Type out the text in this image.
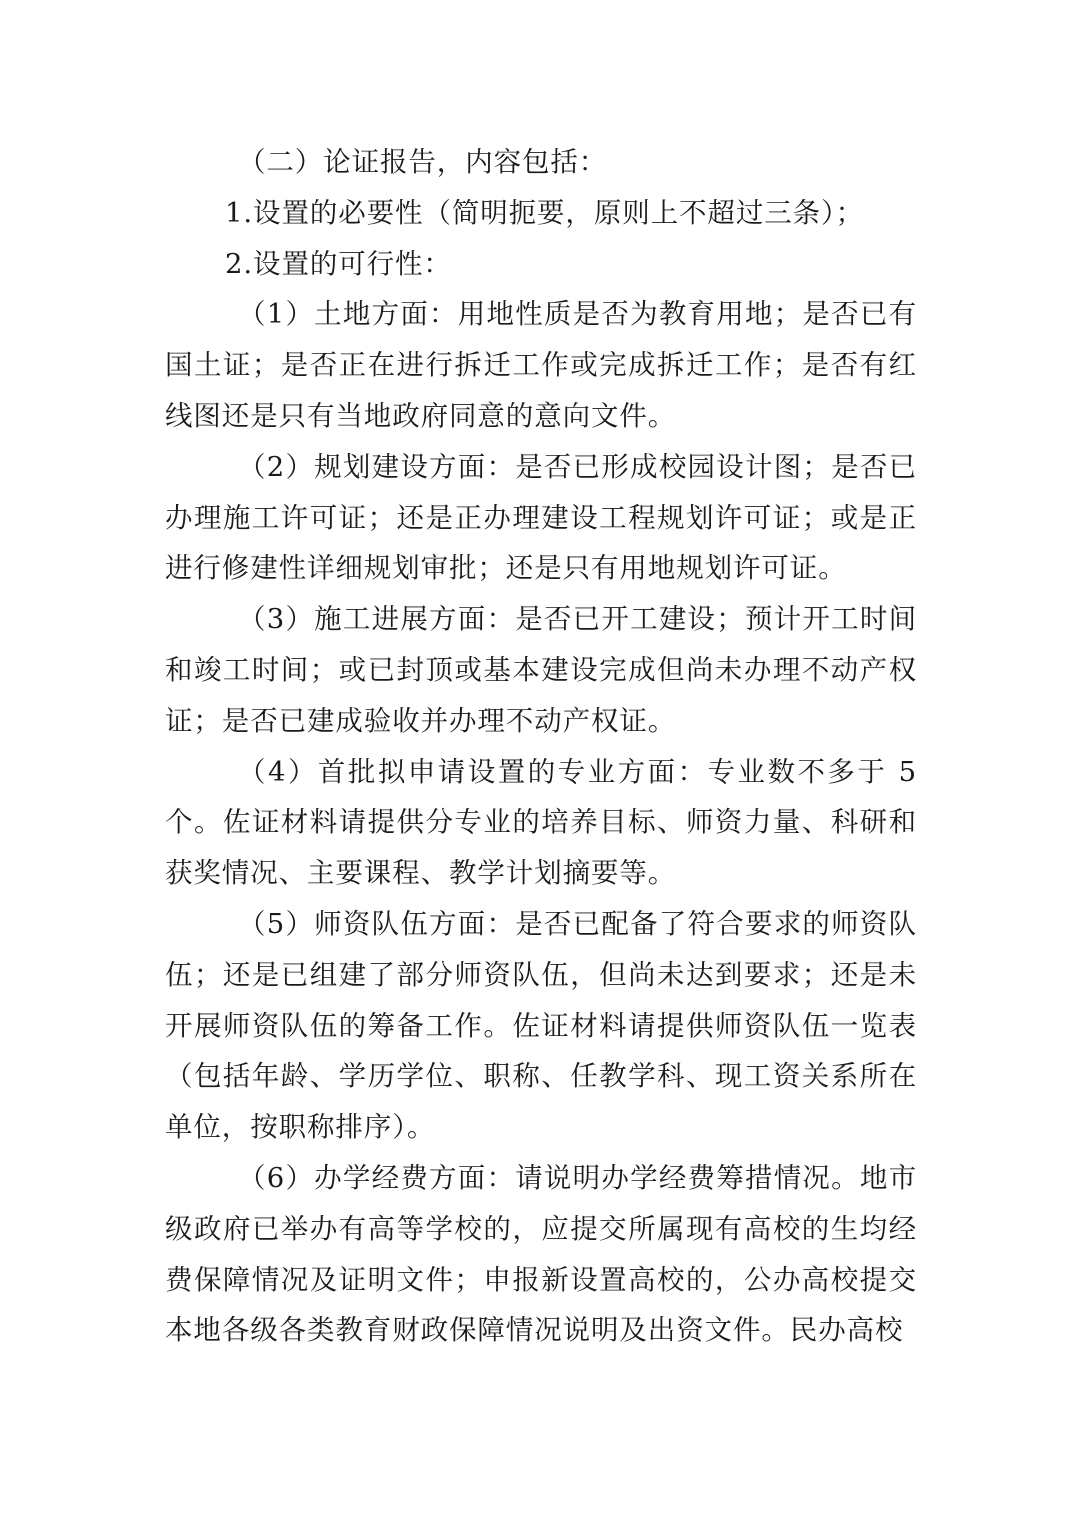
（二）论证报告，内容包括：

1.设置的必要性（简明扼要，原则上不超过三条）；

2.设置的可行性：

（1）土地方面：用地性质是否为教育用地；是否已有国土证；是否正在进行拆迁工作或完成拆迁工作；是否有红线图还是只有当地政府同意的意向文件。

（2）规划建设方面：是否已形成校园设计图；是否已办理施工许可证；还是正办理建设工程规划许可证；或是正进行修建性详细规划审批；还是只有用地规划许可证。

（3）施工进展方面：是否已开工建设；预计开工时间和竣工时间；或已封顶或基本建设完成但尚未办理不动产权证；是否已建成验收并办理不动产权证。

（4）首批拟申请设置的专业方面：专业数不多于 5 个。佐证材料请提供分专业的培养目标、师资力量、科研和获奖情况、主要课程、教学计划摘要等。

（5）师资队伍方面：是否已配备了符合要求的师资队伍；还是已组建了部分师资队伍，但尚未达到要求；还是未开展师资队伍的筹备工作。佐证材料请提供师资队伍一览表（包括年龄、学历学位、职称、任教学科、现工资关系所在单位，按职称排序）。

（6）办学经费方面：请说明办学经费筹措情况。地市级政府已举办有高等学校的，应提交所属现有高校的生均经费保障情况及证明文件；申报新设置高校的，公办高校提交本地各级各类教育财政保障情况说明及出资文件。民办高校
